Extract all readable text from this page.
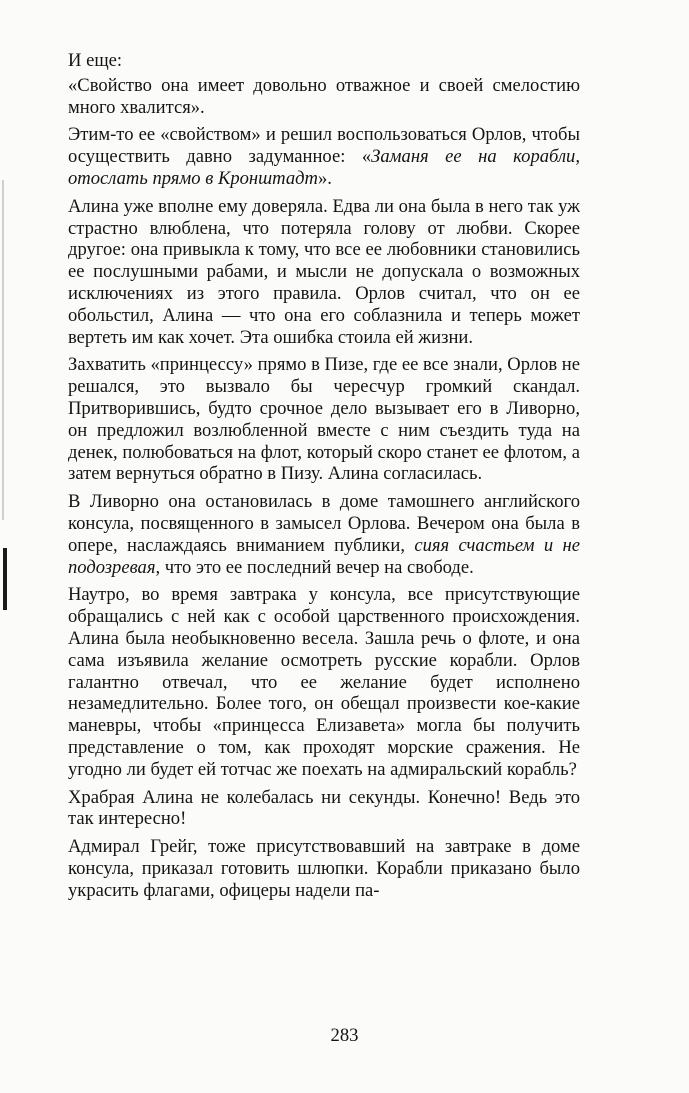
И еще:

«Свойство она имеет довольно отважное и своей смелостию много хвалится».

Этим-то ее «свойством» и решил воспользоваться Орлов, чтобы осуществить давно задуманное: «Заманя ее на корабли, отослать прямо в Кронштадт».

Алина уже вполне ему доверяла. Едва ли она была в него так уж страстно влюблена, что потеряла голову от любви. Скорее другое: она привыкла к тому, что все ее любовники становились ее послушными рабами, и мысли не допускала о возможных исключениях из этого правила. Орлов считал, что он ее обольстил, Алина — что она его соблазнила и теперь может вертеть им как хочет. Эта ошибка стоила ей жизни.

Захватить «принцессу» прямо в Пизе, где ее все знали, Орлов не решался, это вызвало бы чересчур громкий скандал. Притворившись, будто срочное дело вызывает его в Ливорно, он предложил возлюбленной вместе с ним съездить туда на денек, полюбоваться на флот, который скоро станет ее флотом, а затем вернуться обратно в Пизу. Алина согласилась.

В Ливорно она остановилась в доме тамошнего английского консула, посвященного в замысел Орлова. Вечером она была в опере, наслаждаясь вниманием публики, сияя счастьем и не подозревая, что это ее последний вечер на свободе.

Наутро, во время завтрака у консула, все присутствующие обращались с ней как с особой царственного происхождения. Алина была необыкновенно весела. Зашла речь о флоте, и она сама изъявила желание осмотреть русские корабли. Орлов галантно отвечал, что ее желание будет исполнено незамедлительно. Более того, он обещал произвести кое-какие маневры, чтобы «принцесса Елизавета» могла бы получить представление о том, как проходят морские сражения. Не угодно ли будет ей тотчас же поехать на адмиральский корабль?

Храбрая Алина не колебалась ни секунды. Конечно! Ведь это так интересно!

Адмирал Грейг, тоже присутствовавший на завтраке в доме консула, приказал готовить шлюпки. Корабли приказано было украсить флагами, офицеры надели па-

283
